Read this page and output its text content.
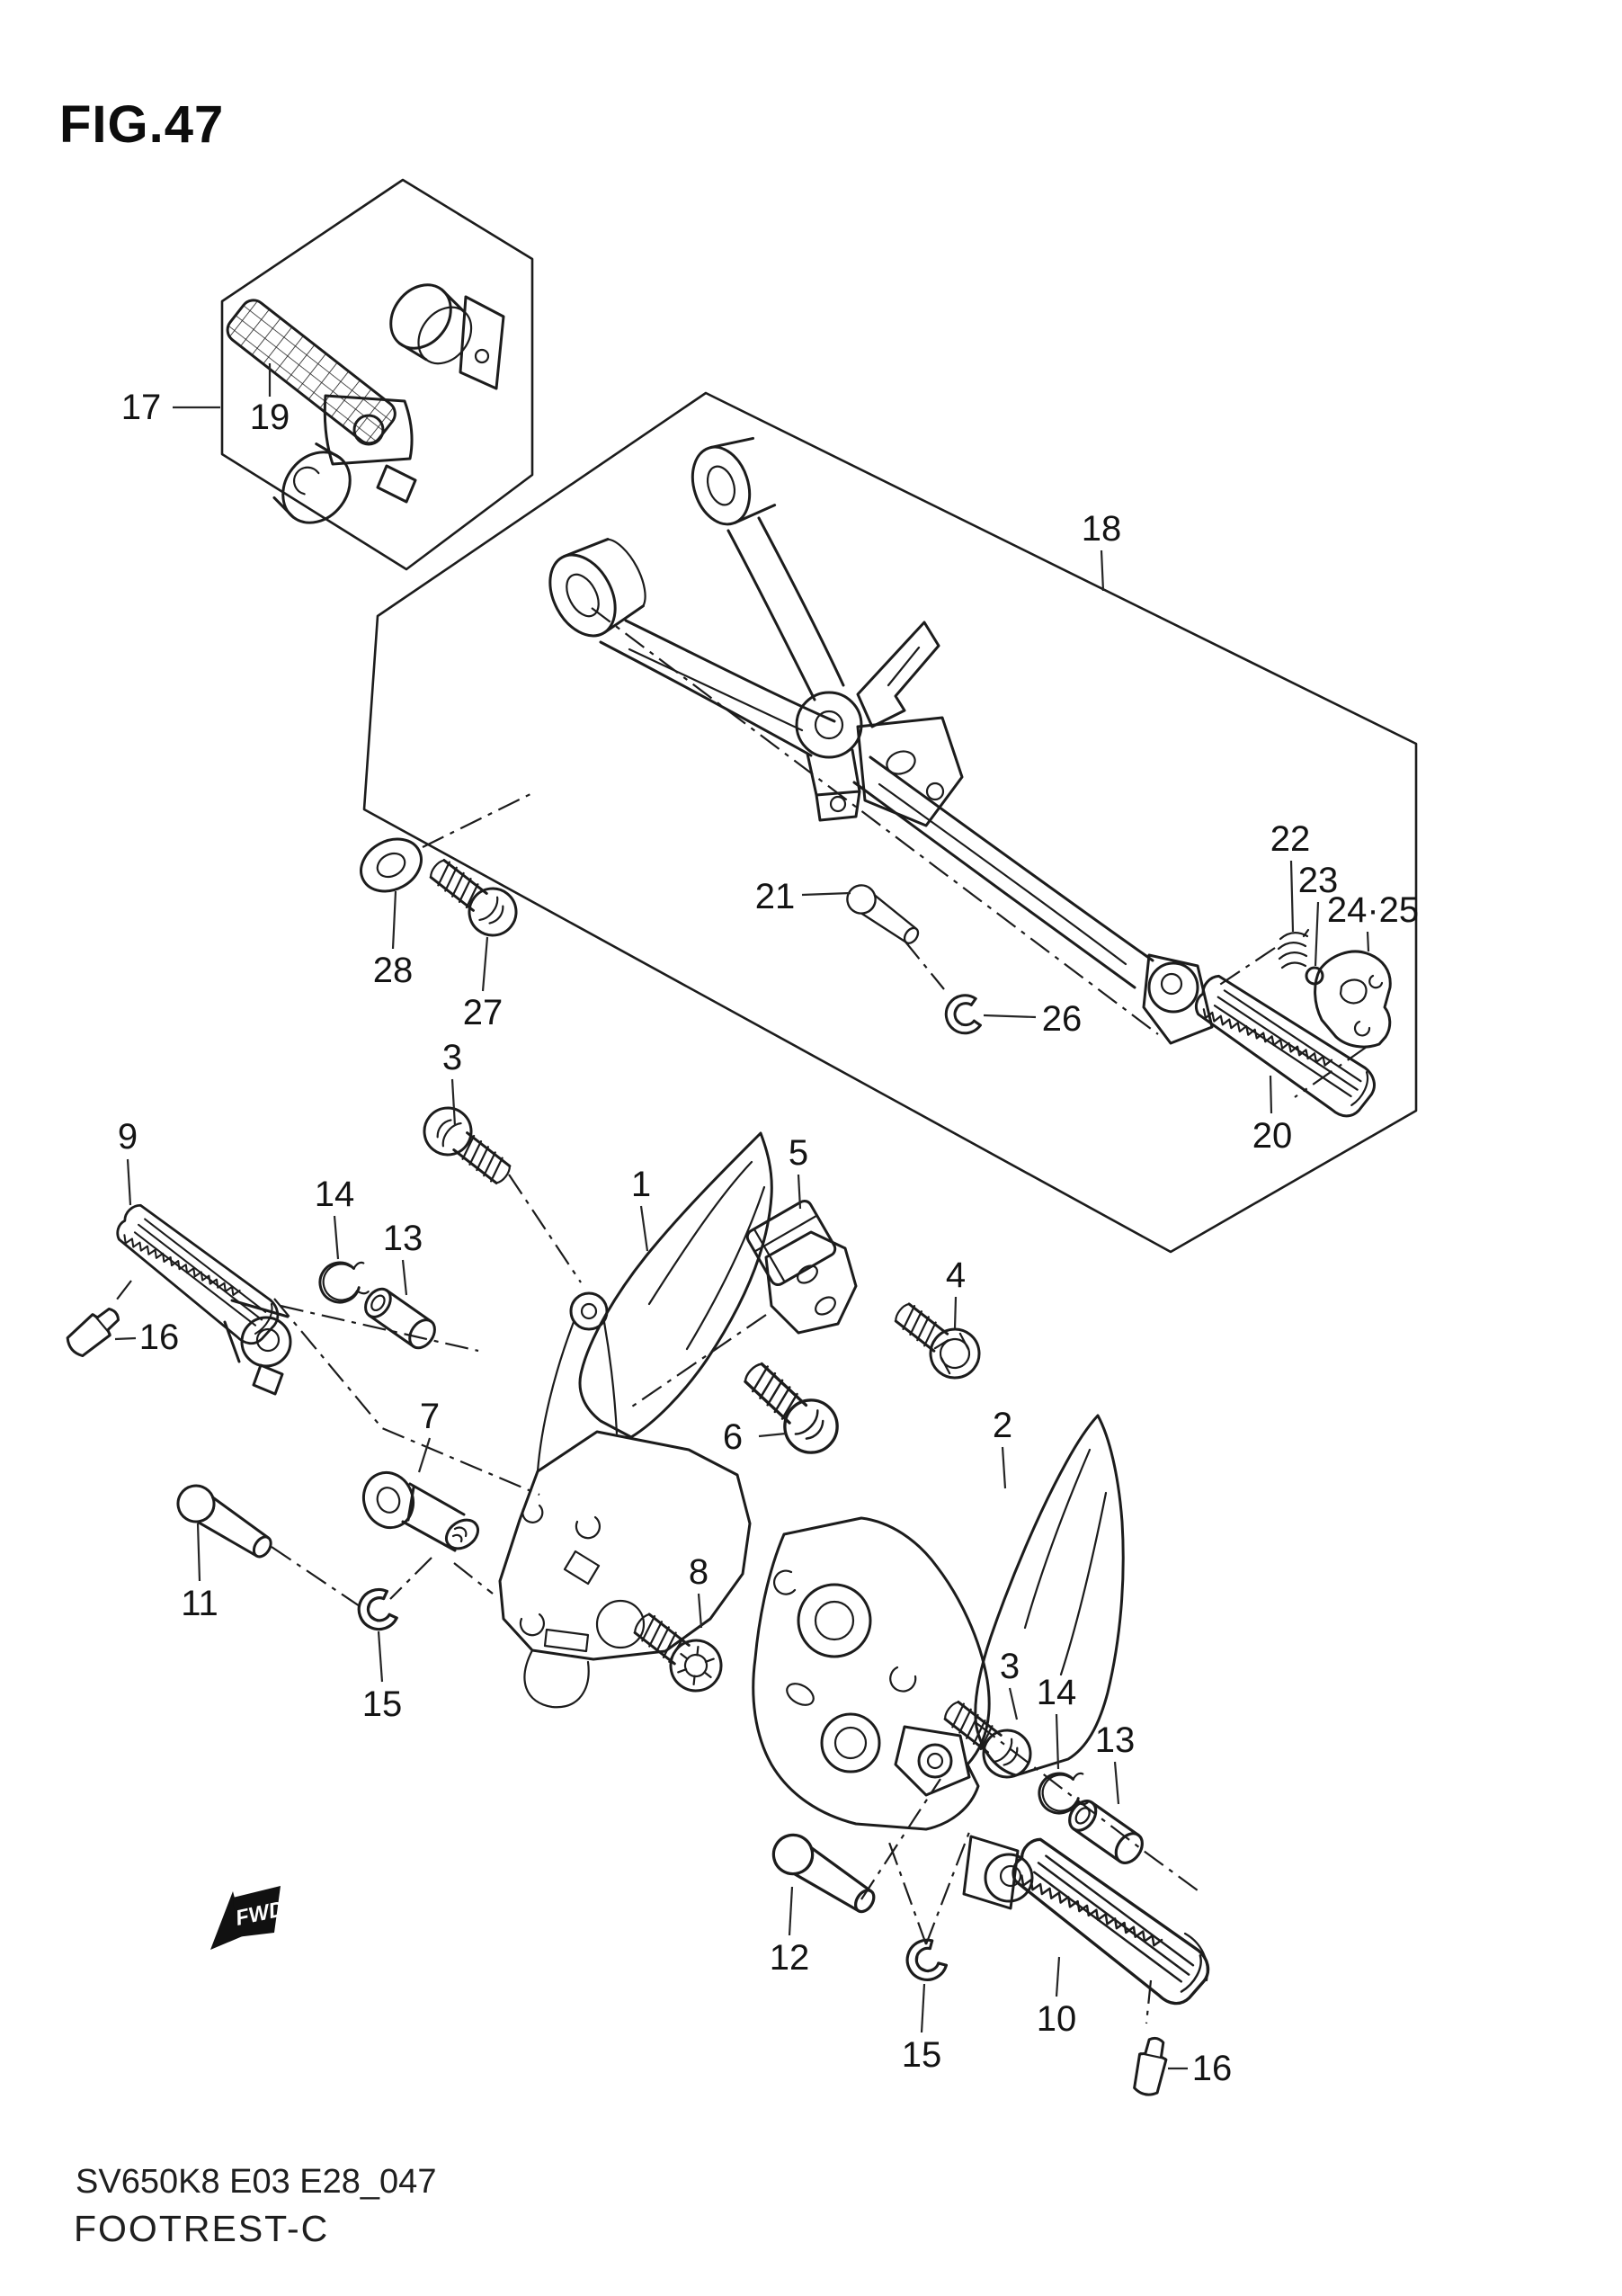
FWD
FIG.47
SV650K8 E03 E28_047
FOOTREST-C
17 19
18
22
23
24·25
20
21
26
28
27
3
9
14
13
16
7
11
15
1
5
4
6	2
3
14
13
12
15
10
16
8
